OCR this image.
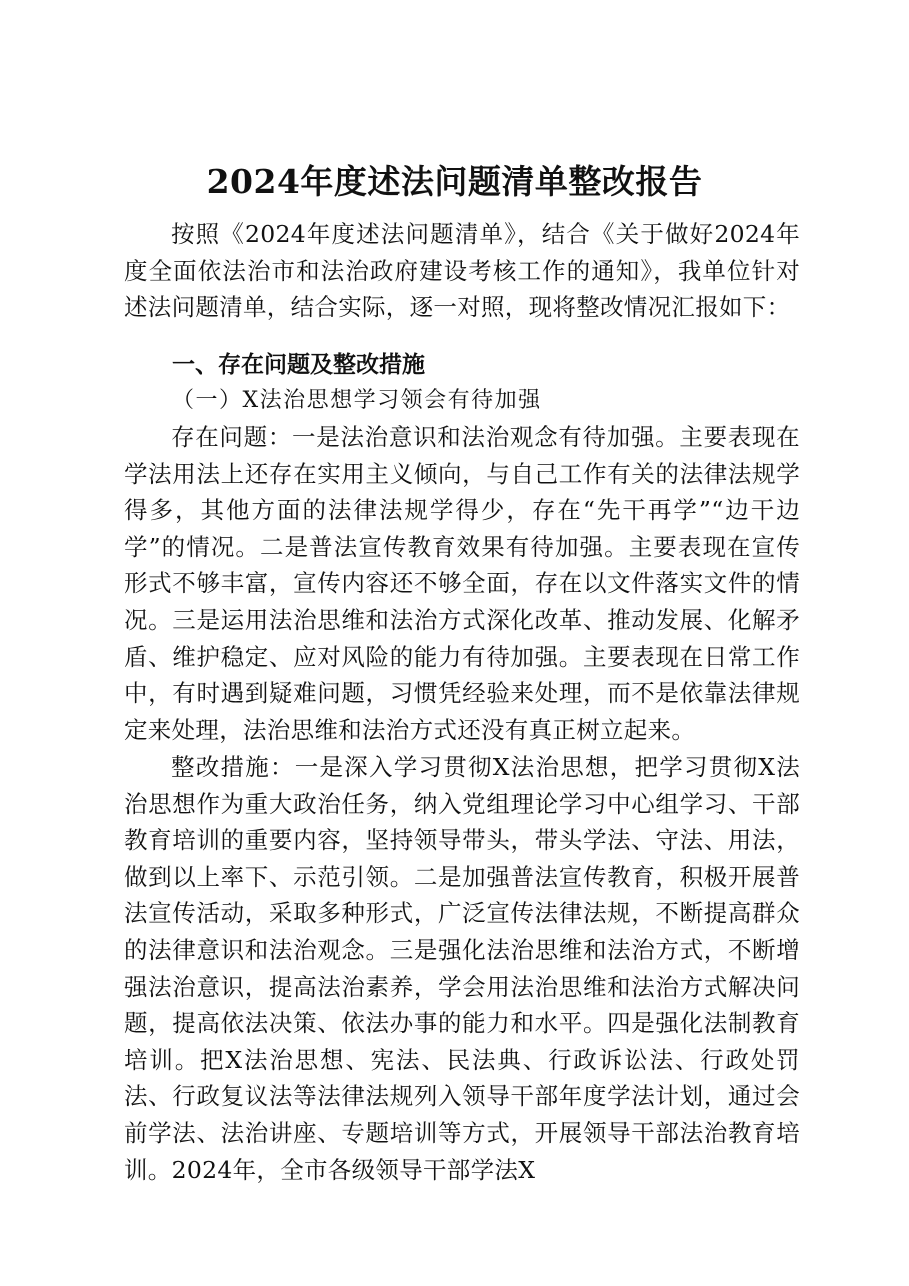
2024年度述法问题清单整改报告

按照《2024年度述法问题清单》，结合《关于做好2024年度全面依法治市和法治政府建设考核工作的通知》，我单位针对述法问题清单，结合实际，逐一对照，现将整改情况汇报如下：

一、存在问题及整改措施
（一）X法治思想学习领会有待加强

存在问题：一是法治意识和法治观念有待加强。主要表现在学法用法上还存在实用主义倾向，与自己工作有关的法律法规学得多，其他方面的法律法规学得少，存在“先干再学”“边干边学”的情况。二是普法宣传教育效果有待加强。主要表现在宣传形式不够丰富，宣传内容还不够全面，存在以文件落实文件的情况。三是运用法治思维和法治方式深化改革、推动发展、化解矛盾、维护稳定、应对风险的能力有待加强。主要表现在日常工作中，有时遇到疑难问题，习惯凭经验来处理，而不是依靠法律规定来处理，法治思维和法治方式还没有真正树立起来。

整改措施：一是深入学习贯彻X法治思想，把学习贯彻X法治思想作为重大政治任务，纳入党组理论学习中心组学习、干部教育培训的重要内容，坚持领导带头，带头学法、守法、用法，做到以上率下、示范引领。二是加强普法宣传教育，积极开展普法宣传活动，采取多种形式，广泛宣传法律法规，不断提高群众的法律意识和法治观念。三是强化法治思维和法治方式，不断增强法治意识，提高法治素养，学会用法治思维和法治方式解决问题，提高依法决策、依法办事的能力和水平。四是强化法制教育培训。把X法治思想、宪法、民法典、行政诉讼法、行政处罚法、行政复议法等法律法规列入领导干部年度学法计划，通过会前学法、法治讲座、专题培训等方式，开展领导干部法治教育培训。2024年，全市各级领导干部学法X
